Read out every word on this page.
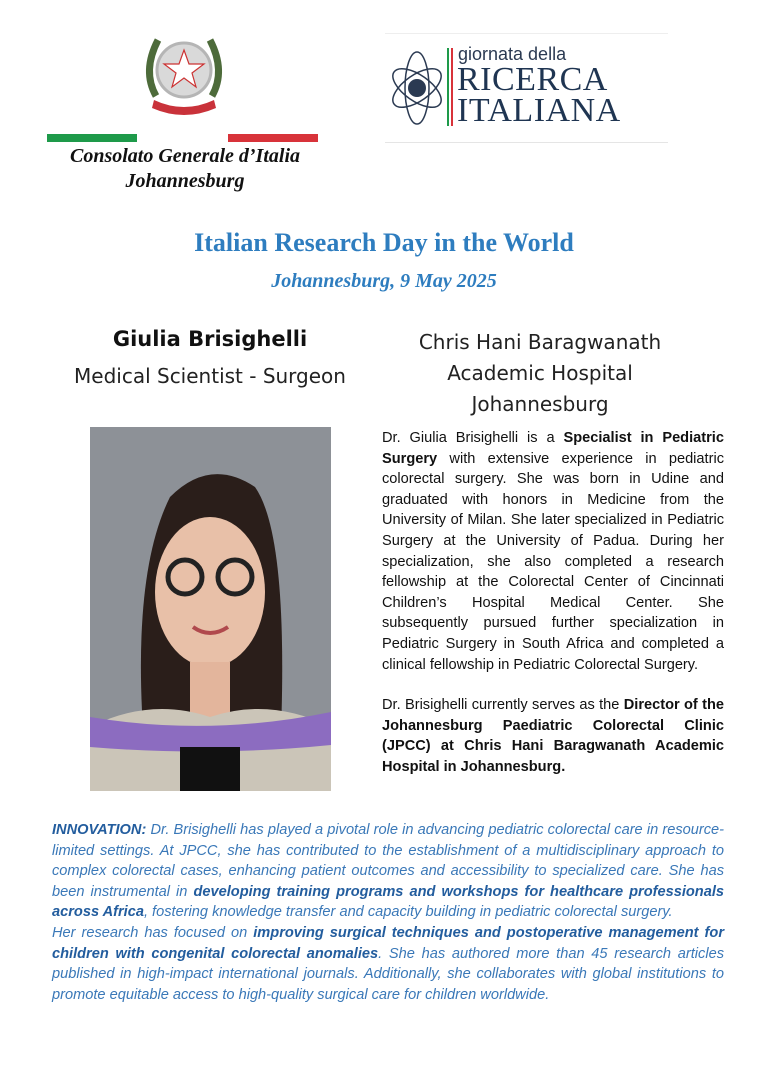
Consolato Generale d’Italia
Johannesburg
giornata della
RICERCA
ITALIANA
Italian Research Day in the World
Johannesburg, 9 May 2025
Giulia Brisighelli
Medical Scientist - Surgeon
Chris Hani Baragwanath
Academic Hospital
Johannesburg

Dr. Giulia Brisighelli is a Specialist in Pediatric Surgery with extensive experience in pediatric colorectal surgery. She was born in Udine and graduated with honors in Medicine from the University of Milan. She later specialized in Pediatric Surgery at the University of Padua. During her specialization, she also completed a research fellowship at the Colorectal Center of Cincinnati Children’s Hospital Medical Center. She subsequently pursued further specialization in Pediatric Surgery in South Africa and completed a clinical fellowship in Pediatric Colorectal Surgery.

Dr. Brisighelli currently serves as the Director of the Johannesburg Paediatric Colorectal Clinic (JPCC) at Chris Hani Baragwanath Academic Hospital in Johannesburg.

INNOVATION: Dr. Brisighelli has played a pivotal role in advancing pediatric colorectal care in resource-limited settings. At JPCC, she has contributed to the establishment of a multidisciplinary approach to complex colorectal cases, enhancing patient outcomes and accessibility to specialized care. She has been instrumental in developing training programs and workshops for healthcare professionals across Africa, fostering knowledge transfer and capacity building in pediatric colorectal surgery.

Her research has focused on improving surgical techniques and postoperative management for children with congenital colorectal anomalies. She has authored more than 45 research articles published in high-impact international journals. Additionally, she collaborates with global institutions to promote equitable access to high-quality surgical care for children worldwide.
